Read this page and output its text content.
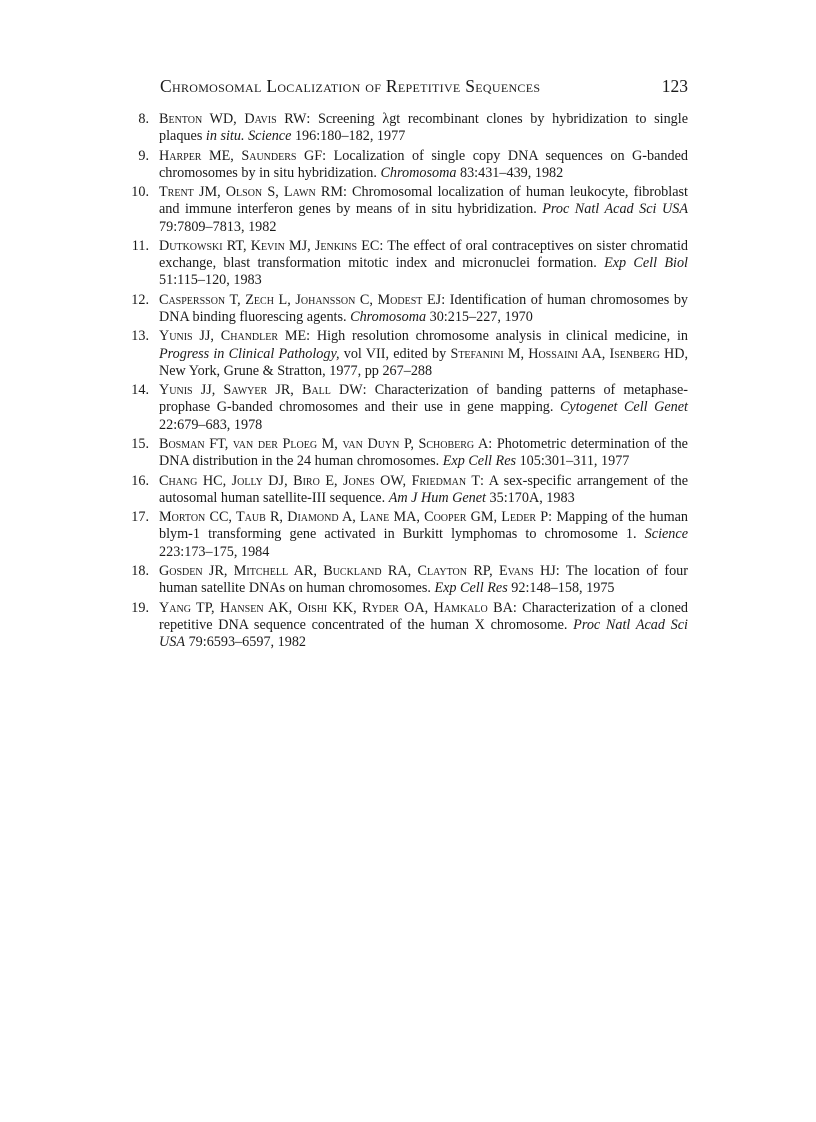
Chromosomal Localization of Repetitive Sequences	123
8. Benton WD, Davis RW: Screening λgt recombinant clones by hybridization to single plaques in situ. Science 196:180–182, 1977
9. Harper ME, Saunders GF: Localization of single copy DNA sequences on G-banded chromosomes by in situ hybridization. Chromosoma 83:431–439, 1982
10. Trent JM, Olson S, Lawn RM: Chromosomal localization of human leukocyte, fibroblast and immune interferon genes by means of in situ hybridization. Proc Natl Acad Sci USA 79:7809–7813, 1982
11. Dutkowski RT, Kevin MJ, Jenkins EC: The effect of oral contraceptives on sister chromatid exchange, blast transformation mitotic index and micronuclei formation. Exp Cell Biol 51:115–120, 1983
12. Caspersson T, Zech L, Johansson C, Modest EJ: Identification of human chromosomes by DNA binding fluorescing agents. Chromosoma 30:215–227, 1970
13. Yunis JJ, Chandler ME: High resolution chromosome analysis in clinical medicine, in Progress in Clinical Pathology, vol VII, edited by Stefanini M, Hossaini AA, Isenberg HD, New York, Grune & Stratton, 1977, pp 267–288
14. Yunis JJ, Sawyer JR, Ball DW: Characterization of banding patterns of metaphase-prophase G-banded chromosomes and their use in gene mapping. Cytogenet Cell Genet 22:679–683, 1978
15. Bosman FT, van der Ploeg M, van Duyn P, Schoberg A: Photometric determination of the DNA distribution in the 24 human chromosomes. Exp Cell Res 105:301–311, 1977
16. Chang HC, Jolly DJ, Biro E, Jones OW, Friedman T: A sex-specific arrangement of the autosomal human satellite-III sequence. Am J Hum Genet 35:170A, 1983
17. Morton CC, Taub R, Diamond A, Lane MA, Cooper GM, Leder P: Mapping of the human blym-1 transforming gene activated in Burkitt lymphomas to chromosome 1. Science 223:173–175, 1984
18. Gosden JR, Mitchell AR, Buckland RA, Clayton RP, Evans HJ: The location of four human satellite DNAs on human chromosomes. Exp Cell Res 92:148–158, 1975
19. Yang TP, Hansen AK, Oishi KK, Ryder OA, Hamkalo BA: Characterization of a cloned repetitive DNA sequence concentrated of the human X chromosome. Proc Natl Acad Sci USA 79:6593–6597, 1982
